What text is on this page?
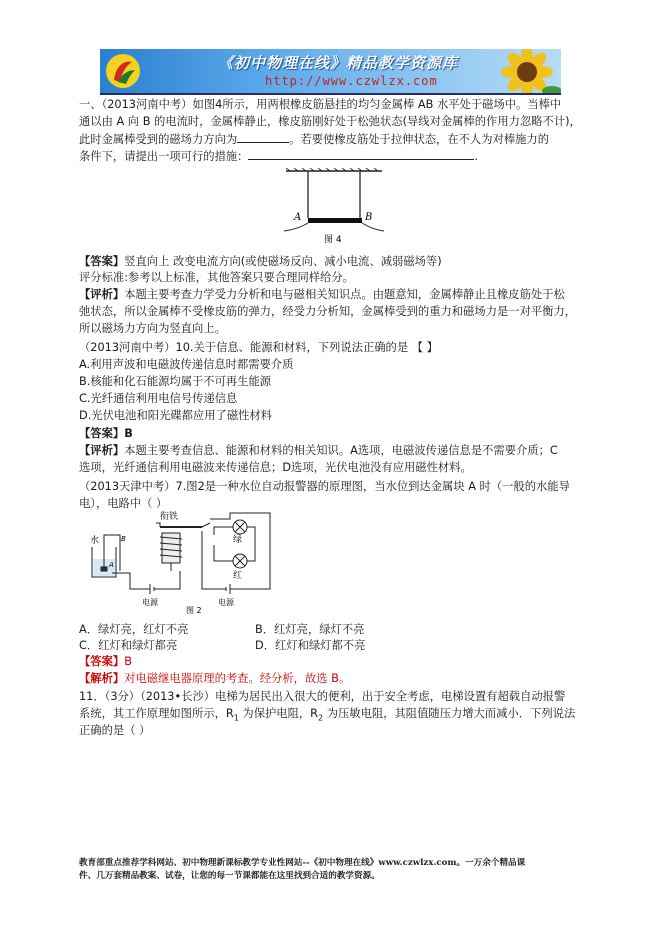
《初中物理在线》精品教学资源库
http://www.czwlzx.com
一、（2013河南中考）如图4所示，用两根橡皮筋悬挂的均匀金属棒 AB 水平处于磁场中。当棒中
通以由 A 向 B 的电流时，金属棒静止，橡皮筋刚好处于松弛状态(导线对金属棒的作用力忽略不计)，
此时金属棒受到的磁场力方向为	。若要使橡皮筋处于拉伸状态，在不人为对棒施力的
条件下，请提出一项可行的措施：	.
A	B
图 4
【答案】竖直向上 改变电流方向(或使磁场反向、减小电流、减弱磁场等)
评分标准:参考以上标准，其他答案只要合理同样给分。
【评析】本题主要考查力学受力分析和电与磁相关知识点。由题意知，金属棒静止且橡皮筋处于松
弛状态，所以金属棒不受橡皮筋的弹力，经受力分析知，金属棒受到的重力和磁场力是一对平衡力，
所以磁场力方向为竖直向上。
（2013河南中考）10.关于信息、能源和材料，下列说法正确的是 【 】
A.利用声波和电磁波传递信息时都需要介质
B.核能和化石能源均属于不可再生能源
C.光纤通信利用电信号传递信息
D.光伏电池和阳光碟都应用了磁性材料
【答案】B
【评析】本题主要考查信息、能源和材料的相关知识。A选项，电磁波传递信息是不需要介质；C
选项，光纤通信利用电磁波来传递信息；D选项，光伏电池没有应用磁性材料。
（2013天津中考）7.图2是一种水位自动报警器的原理图，当水位到达金属块 A 时（一般的水能导
电），电路中（ ）
衔铁
绿
红
水
A
B
电源	电源
图 2
A．绿灯亮，红灯不亮	B．红灯亮，绿灯不亮
C．红灯和绿灯都亮	D．红灯和绿灯都不亮
【答案】B
【解析】对电磁继电器原理的考查。经分析，故选 B。
11．（3分）（2013•长沙）电梯为居民出入很大的便利，出于安全考虑，电梯设置有超载自动报警
系统，其工作原理如图所示，$R_1$ 为保护电阻，$R_2$ 为压敏电阻，其阻值随压力增大而减小．下列说法
正确的是（ ）
教育部重点推荐学科网站、初中物理新课标教学专业性网站--《初中物理在线》www.czwlzx.com。一万余个精品课
件、几万套精品教案、试卷，让您的每一节课都能在这里找到合适的教学资源。
